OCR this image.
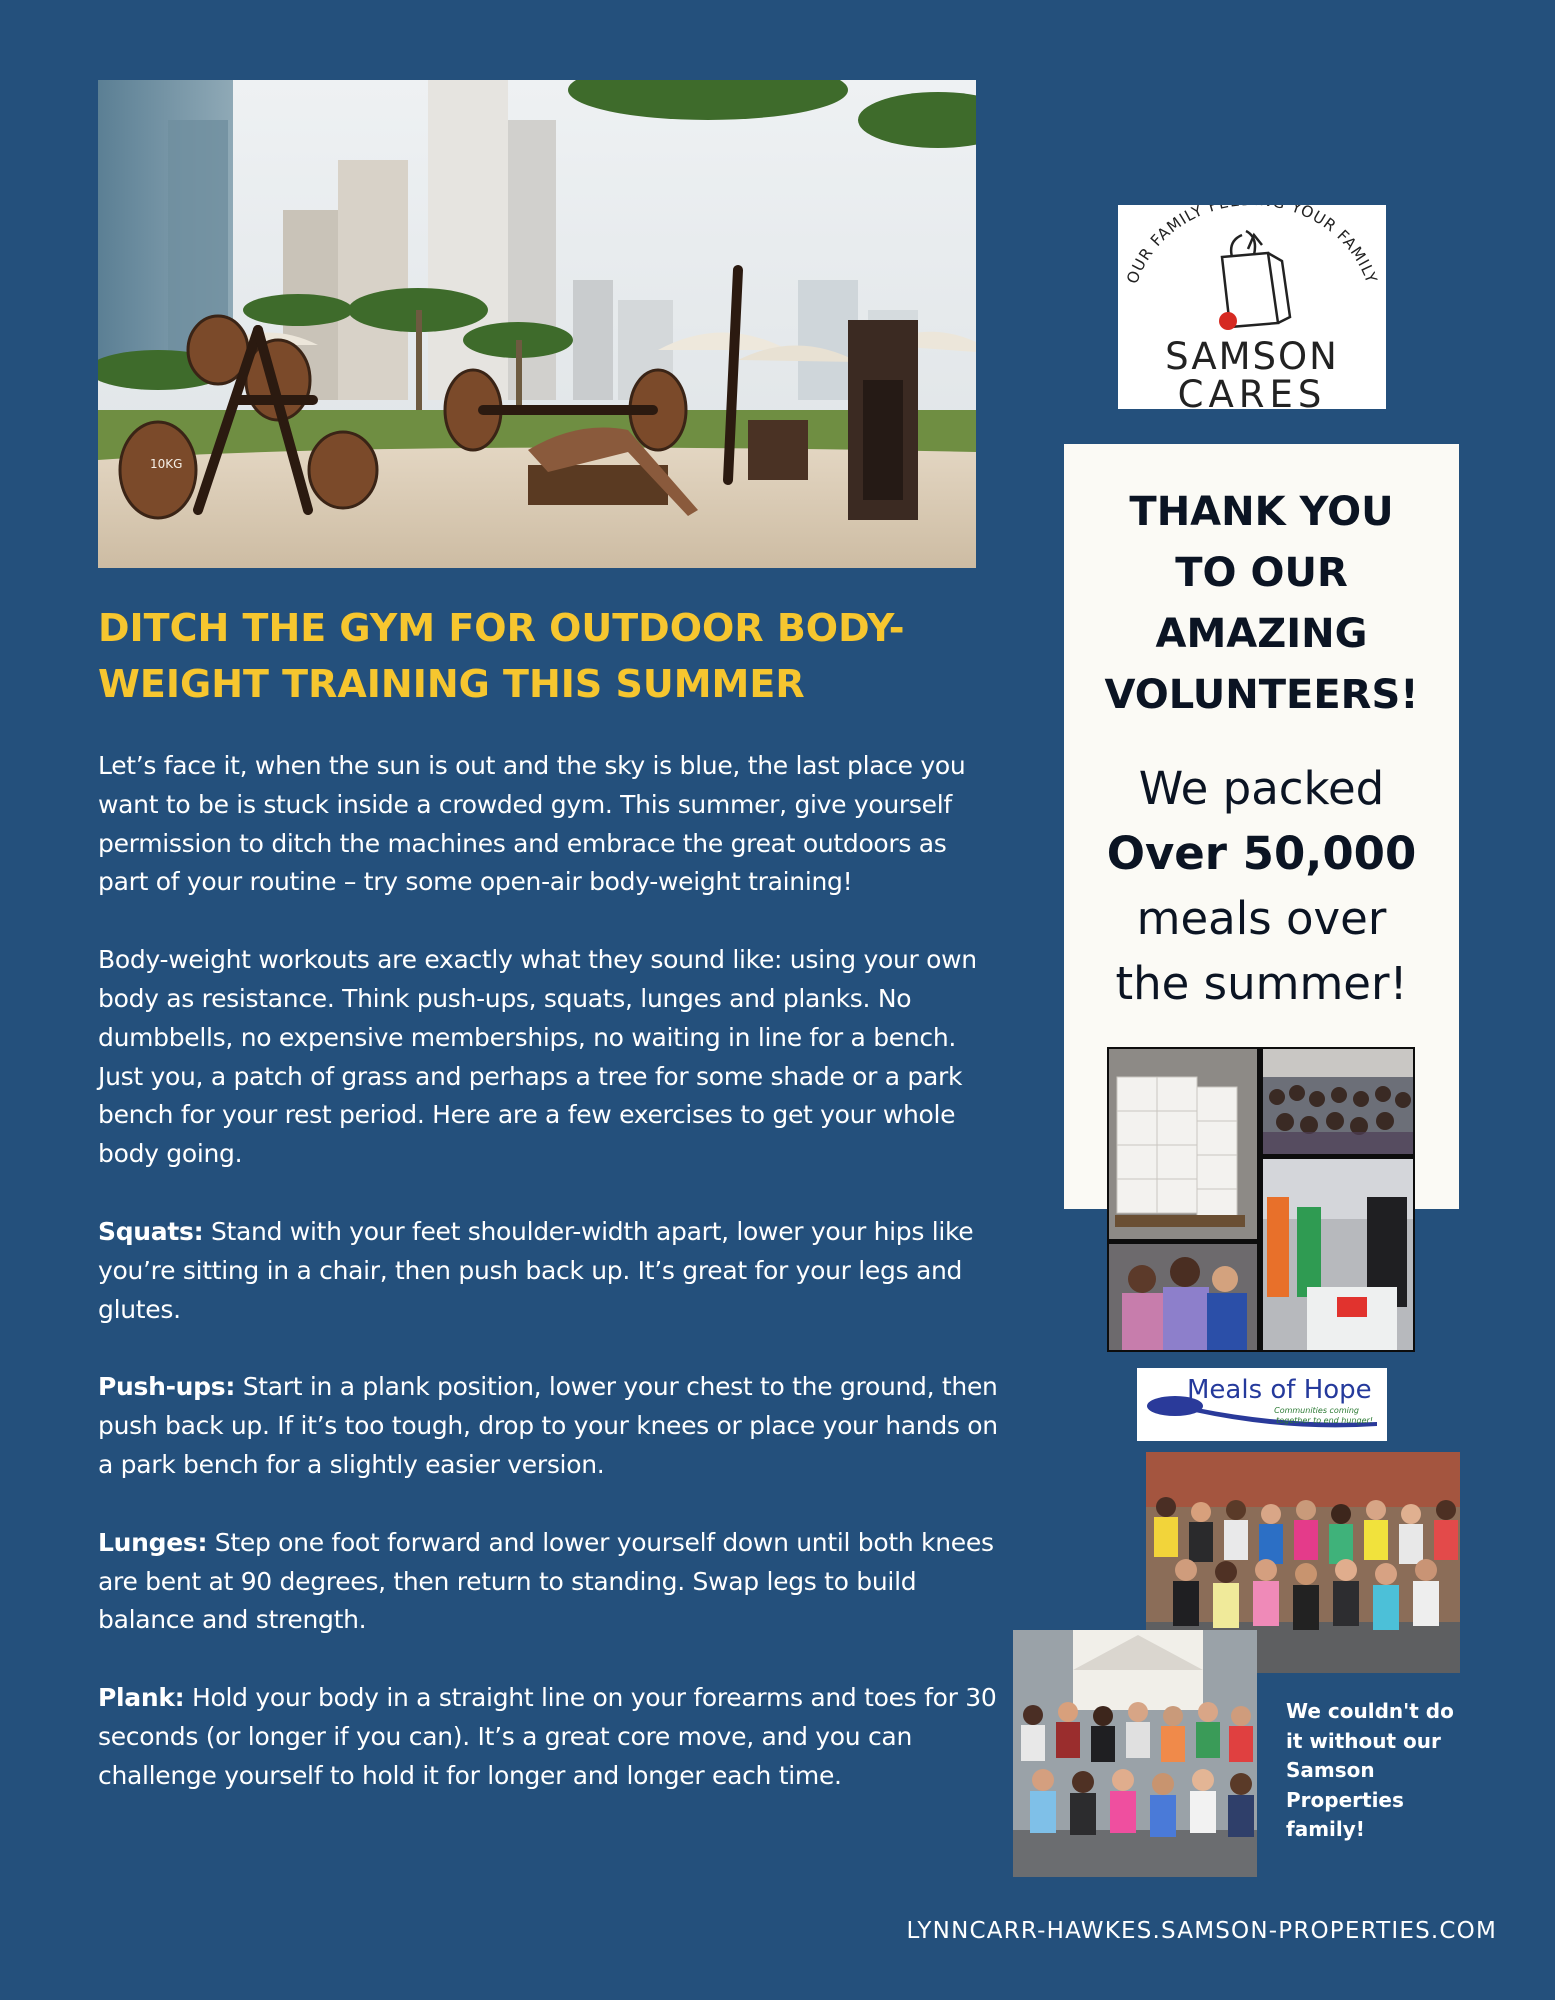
10KG
DITCH THE GYM FOR OUTDOOR BODY-WEIGHT TRAINING THIS SUMMER

Let’s face it, when the sun is out and the sky is blue, the last place you want to be is stuck inside a crowded gym. This summer, give yourself permission to ditch the machines and embrace the great outdoors as part of your routine – try some open-air body-weight training!

Body-weight workouts are exactly what they sound like: using your own body as resistance. Think push-ups, squats, lunges and planks. No dumbbells, no expensive memberships, no waiting in line for a bench. Just you, a patch of grass and perhaps a tree for some shade or a park bench for your rest period. Here are a few exercises to get your whole body going.

Squats: Stand with your feet shoulder-width apart, lower your hips like you’re sitting in a chair, then push back up. It’s great for your legs and glutes.

Push-ups: Start in a plank position, lower your chest to the ground, then push back up. If it’s too tough, drop to your knees or place your hands on a park bench for a slightly easier version.

Lunges: Step one foot forward and lower yourself down until both knees are bent at 90 degrees, then return to standing. Swap legs to build balance and strength.

Plank: Hold your body in a straight line on your forearms and toes for 30 seconds (or longer if you can). It’s a great core move, and you can challenge yourself to hold it for longer and longer each time.

OUR FAMILY F YOUR FAMILY
SAMSON
CARES
THANK YOU
TO OUR
AMAZING
VOLUNTEERS!
We packed
Over 50,000
meals over
the summer!
Meals of Hope
Communities coming
together to end hunger!
We couldn't do it without our Samson Properties family!
LYNNCARR-HAWKES.SAMSON-PROPERTIES.COM
